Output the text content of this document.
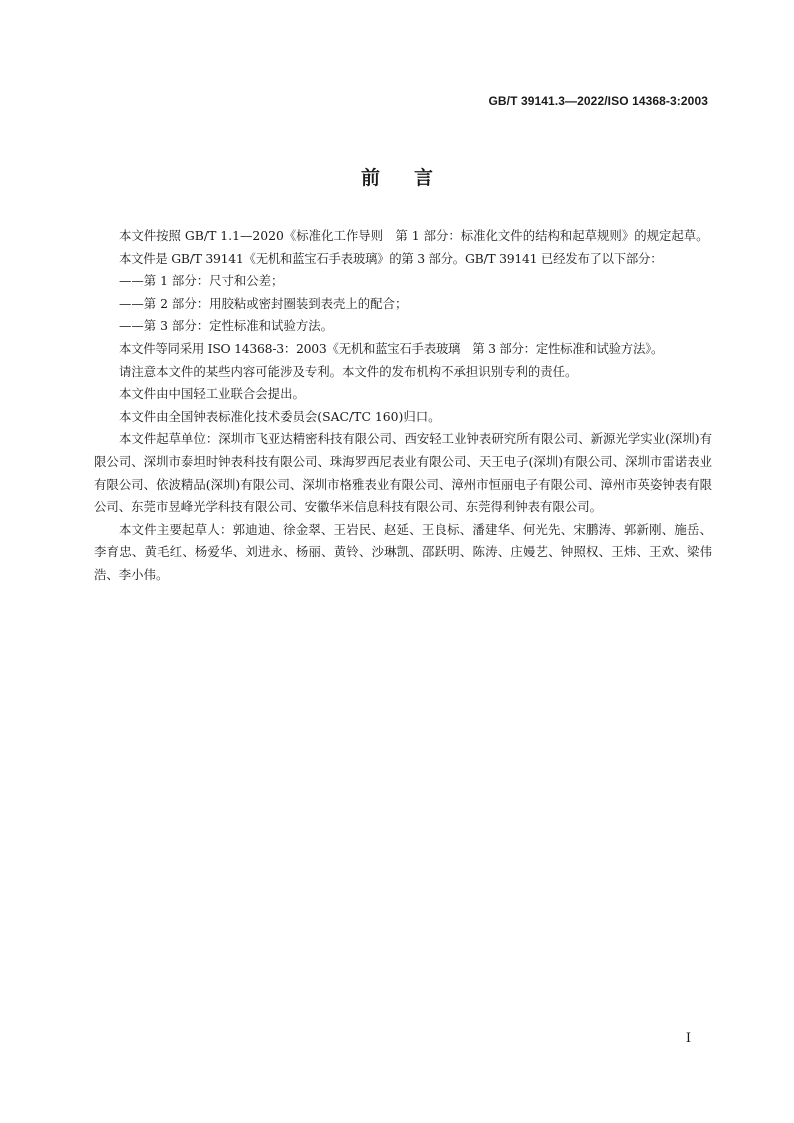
GB/T 39141.3—2022/ISO 14368-3:2003
前 言

本文件按照 GB/T 1.1—2020《标准化工作导则　第 1 部分：标准化文件的结构和起草规则》的规定起草。

本文件是 GB/T 39141《无机和蓝宝石手表玻璃》的第 3 部分。GB/T 39141 已经发布了以下部分：

——第 1 部分：尺寸和公差；

——第 2 部分：用胶粘或密封圈装到表壳上的配合；

——第 3 部分：定性标准和试验方法。

本文件等同采用 ISO 14368-3：2003《无机和蓝宝石手表玻璃　第 3 部分：定性标准和试验方法》。

请注意本文件的某些内容可能涉及专利。本文件的发布机构不承担识别专利的责任。

本文件由中国轻工业联合会提出。

本文件由全国钟表标准化技术委员会(SAC/TC 160)归口。

本文件起草单位：深圳市飞亚达精密科技有限公司、西安轻工业钟表研究所有限公司、新源光学实业(深圳)有限公司、深圳市泰坦时钟表科技有限公司、珠海罗西尼表业有限公司、天王电子(深圳)有限公司、深圳市雷诺表业有限公司、依波精品(深圳)有限公司、深圳市格雅表业有限公司、漳州市恒丽电子有限公司、漳州市英姿钟表有限公司、东莞市昱峰光学科技有限公司、安徽华米信息科技有限公司、东莞得利钟表有限公司。

本文件主要起草人：郭迪迪、徐金翠、王岩民、赵延、王良标、潘建华、何光先、宋鹏涛、郭新刚、施岳、李育忠、黄毛红、杨爱华、刘进永、杨丽、黄铃、沙琳凯、邵跃明、陈涛、庄嫚艺、钟照权、王炜、王欢、梁伟浩、李小伟。

I
